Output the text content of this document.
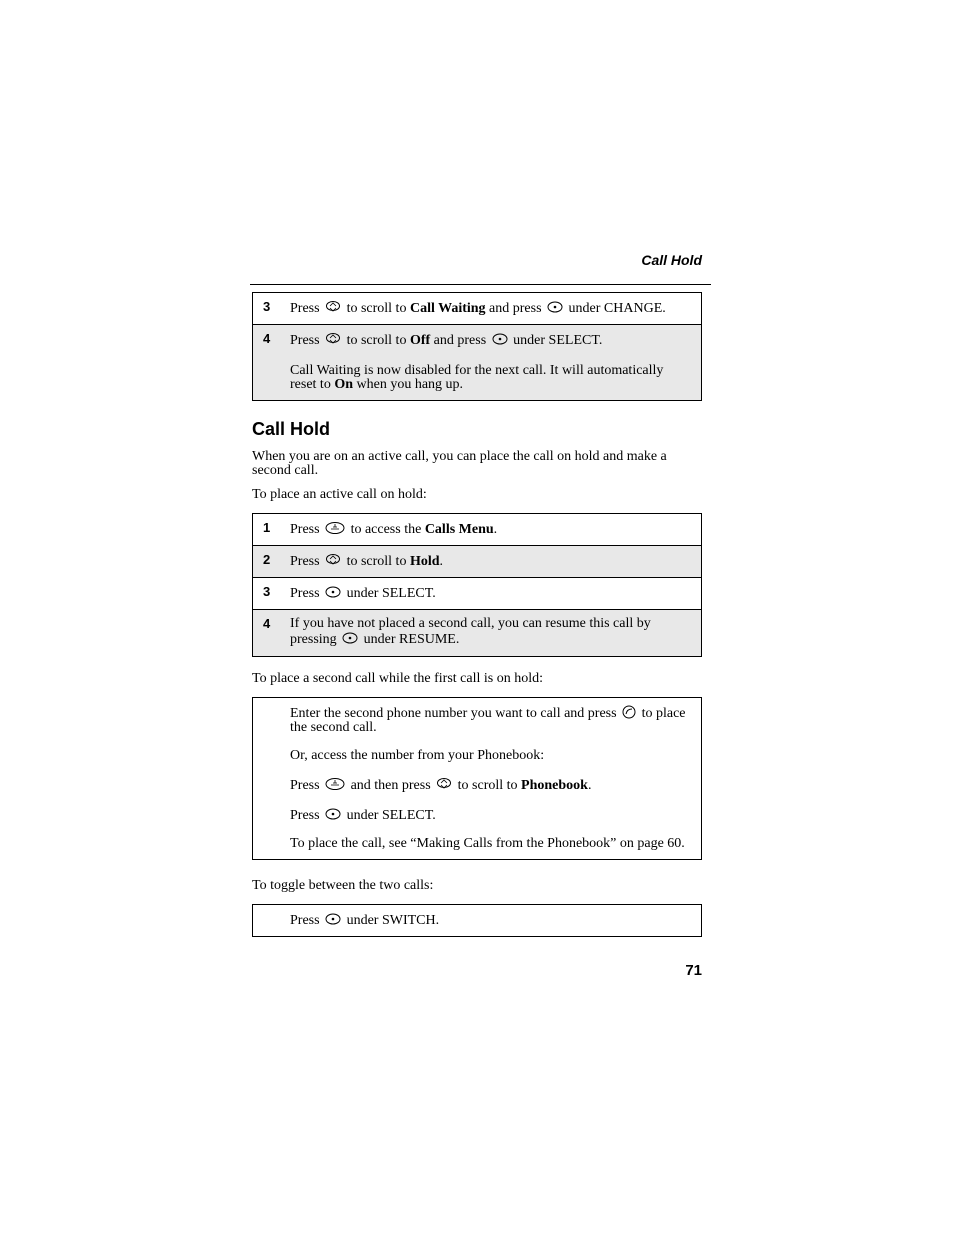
Call Hold
3	Press to scroll to Call Waiting and press under CHANGE.
4 Press to scroll to Off and press under SELECT.

Call Waiting is now disabled for the next call. It will automatically reset to On when you hang up.

Call Hold
When you are on an active call, you can place the call on hold and make a second call.
To place an active call on hold:
1	Press to access the Calls Menu.
2	Press to scroll to Hold.
3	Press under SELECT.
4	If you have not placed a second call, you can resume this call by pressing under RESUME.
To place a second call while the first call is on hold:

Enter the second phone number you want to call and press to place the second call.

Or, access the number from your Phonebook:

Press and then press to scroll to Phonebook.

Press under SELECT.

To place the call, see “Making Calls from the Phonebook” on page 60.

To toggle between the two calls:
Press under SWITCH.
71
